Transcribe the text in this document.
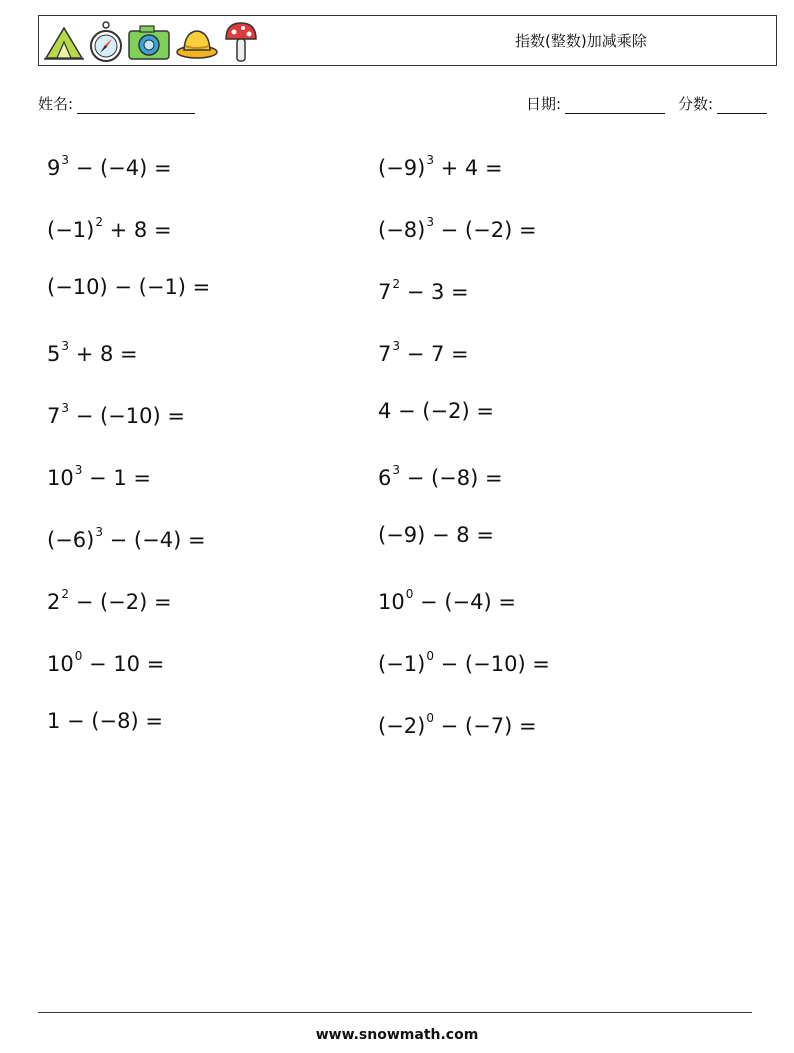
指数(整数)加减乘除
姓名:	日期:	分数:
$9^3 - (-4)$ =
$(-1)^2 + 8$ =
(−10) − (−1) =
$5^3 + 8$ =
$7^3 - (-10)$ =
$10^3 - 1$ =
$(-6)^3 - (-4)$ =
$2^2 - (-2)$ =
$10^0 - 10$ =
1 − (−8) =
$(-9)^3 + 4$ =
$(-8)^3 - (-2)$ =
$7^2 - 3$ =
$7^3 - 7$ =
4 − (−2) =
$6^3 - (-8)$ =
(−9) − 8 =
$10^0 - (-4)$ =
$(-1)^0 - (-10)$ =
$(-2)^0 - (-7)$ =
www.snowmath.com
